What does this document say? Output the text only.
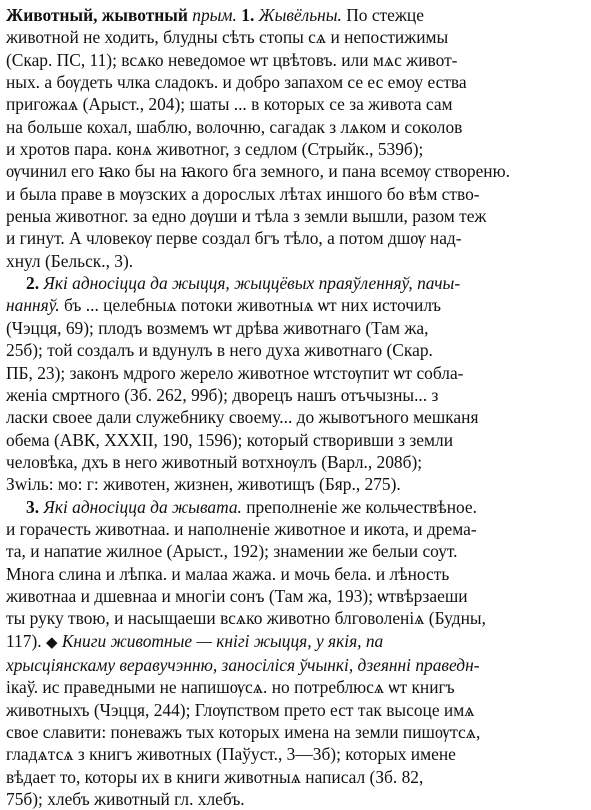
Животный, жывотный прым. 1. Жывёльны. По стежце
животной не ходить, блудны сѣть стопы сѧ и непостижимы
(Скар. ПС, 11); всѧко неведомое ѡт цвѣтовъ. или мѧс живот-
ных. а бѹдеть члка сладокъ. и добро запахом се ес емоу ества
пригожаѧ (Арыст., 204); шаты ... в которых се за живота сам
на больше кохал, шаблю, волочню, сагадак з лѧком и соколов
и хротов пара. конѧ животног, з седлом (Стрыйк., 539б);
ѹчинил его ꙗко бы на ꙗкого бга земного, и пана всемѹ створеню.
и была праве в мѹзских а дорослых лѣтах иншого бо вѣм ство-
реныа животног. за едно дѹши и тѣла з земли вышли, разом теж
и гинут. А чловекѹ перве создал бгъ тѣло, а потом дшѹ над-
хнул (Бельск., 3).
2. Які адносіцца да жыцця, жыццёвых праяўленняў, пачы-
нанняў. бъ ... целебныѧ потоки животныѧ ѡт них источилъ
(Чэцця, 69); плодъ возмемъ ѡт дрѣва животнаго (Там жа,
25б); той создалъ и вдунулъ в него духа животнаго (Скар.
ПБ, 23); законъ мдрого жерело животное ѡтстѹпит ѡт собла-
женіа смртного (Зб. 262, 99б); дворецъ нашъ отъчызны... з
ласки своее дали служебнику своему... до жывотъного мешканя
обема (АВК, XXXII, 190, 1596); который створивши з земли
человѣка, дхъ в него животный вотхнѹлъ (Варл., 208б);
Зwіль: мо: г: животен, жизнен, животищъ (Бяр., 275).
3. Які адносіцца да жывата. преполненіе же кольчествѣное.
и горачесть животнаа. и наполненіе животное и икота, и дрема-
та, и напатие жилное (Арыст., 192); знамении же белыи соут.
Многа слина и лѣпка. и малаа жажа. и мочь бела. и лѣность
животнаа и дшевнаа и многіи сонъ (Там жа, 193); ѡтвѣрзаеши
ты руку твою, и насыщаеши всѧко животно блговоленіѧ (Будны,
117). ◆ Книги животные — кнігі жыцця, у якія, па
хрысціянскаму веравучэнню, заносіліся ўчынкі, дзеянні праведн-
ікаў. ис праведными не напишѹсѧ. но потреблюсѧ ѡт книгъ
животныхъ (Чэцця, 244); Глѹпством прето ест так высоце имѧ
свое славити: поневажъ тых которых имена на земли пишѹтсѧ,
гладѧтсѧ з книгъ животных (Паўуст., 3—3б); которых имене
вѣдает то, которы их в книги животныѧ написал (Зб. 82,
75б); хлебъ животный гл. хлебъ.
